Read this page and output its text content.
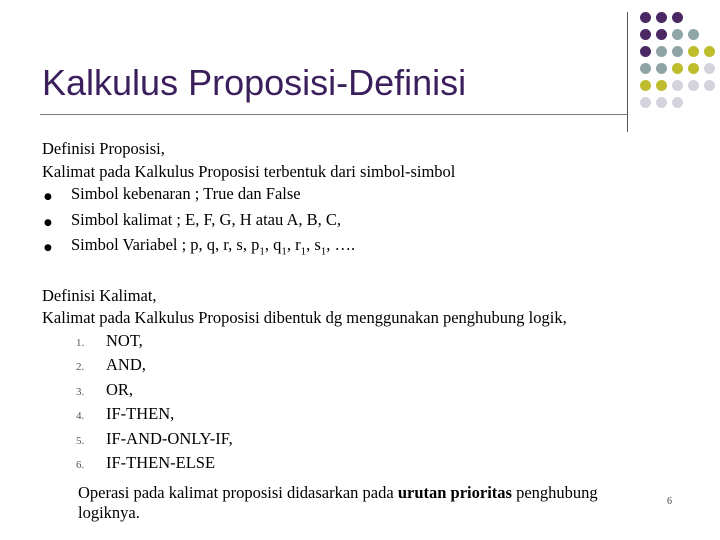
Kalkulus Proposisi-Definisi
Definisi Proposisi,
Kalimat pada Kalkulus Proposisi terbentuk dari simbol-simbol
● Simbol kebenaran ; True dan False
● Simbol kalimat ; E, F, G, H atau A, B, C,
● Simbol Variabel ; p, q, r, s, $p_1$, $q_1$, $r_1$, $s_1$, ….
Definisi Kalimat,
Kalimat pada Kalkulus Proposisi dibentuk dg menggunakan penghubung logik,
1.	NOT,
2.	AND,
3.	OR,
4.	IF-THEN,
5.	IF-AND-ONLY-IF,
6.	IF-THEN-ELSE
Operasi pada kalimat proposisi didasarkan pada urutan prioritas penghubung
logiknya.
6
